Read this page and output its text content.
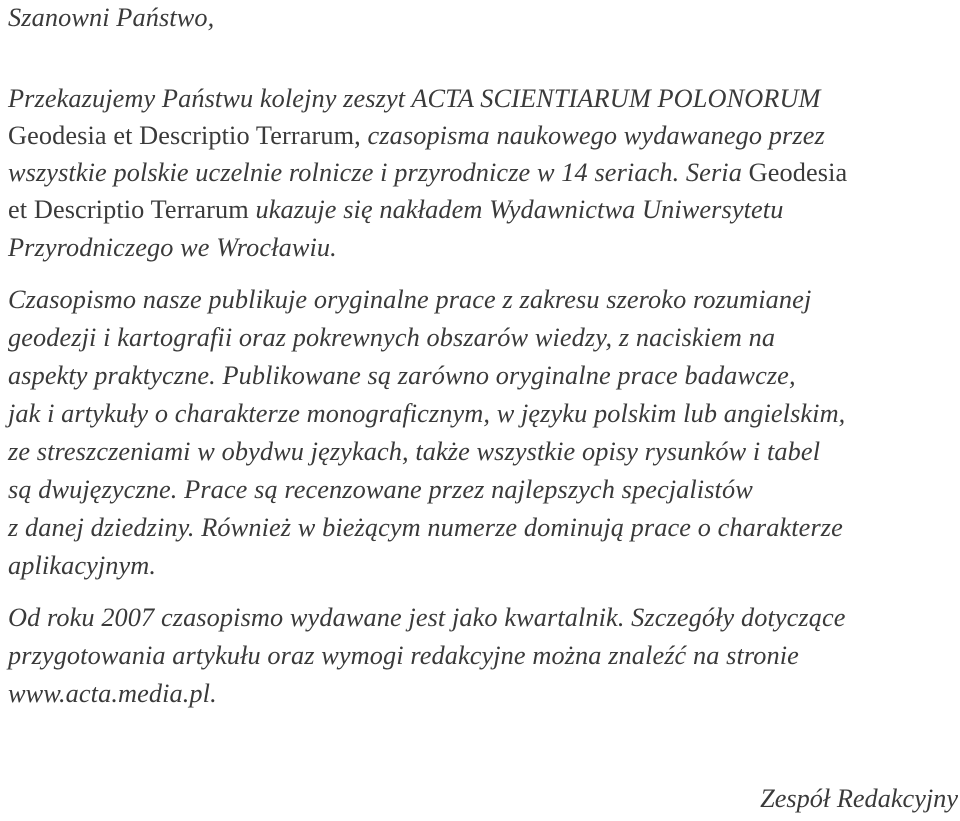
Szanowni Państwo,
Przekazujemy Państwu kolejny zeszyt ACTA SCIENTIARUM POLONORUM
Geodesia et Descriptio Terrarum, czasopisma naukowego wydawanego przez
wszystkie polskie uczelnie rolnicze i przyrodnicze w 14 seriach. Seria Geodesia
et Descriptio Terrarum ukazuje się nakładem Wydawnictwa Uniwersytetu
Przyrodniczego we Wrocławiu.
Czasopismo nasze publikuje oryginalne prace z zakresu szeroko rozumianej
geodezji i kartografii oraz pokrewnych obszarów wiedzy, z naciskiem na
aspekty praktyczne. Publikowane są zarówno oryginalne prace badawcze,
jak i artykuły o charakterze monograficznym, w języku polskim lub angielskim,
ze streszczeniami w obydwu językach, także wszystkie opisy rysunków i tabel
są dwujęzyczne. Prace są recenzowane przez najlepszych specjalistów
z danej dziedziny. Również w bieżącym numerze dominują prace o charakterze
aplikacyjnym.
Od roku 2007 czasopismo wydawane jest jako kwartalnik. Szczegóły dotyczące
przygotowania artykułu oraz wymogi redakcyjne można znaleźć na stronie
www.acta.media.pl.
Zespół Redakcyjny
